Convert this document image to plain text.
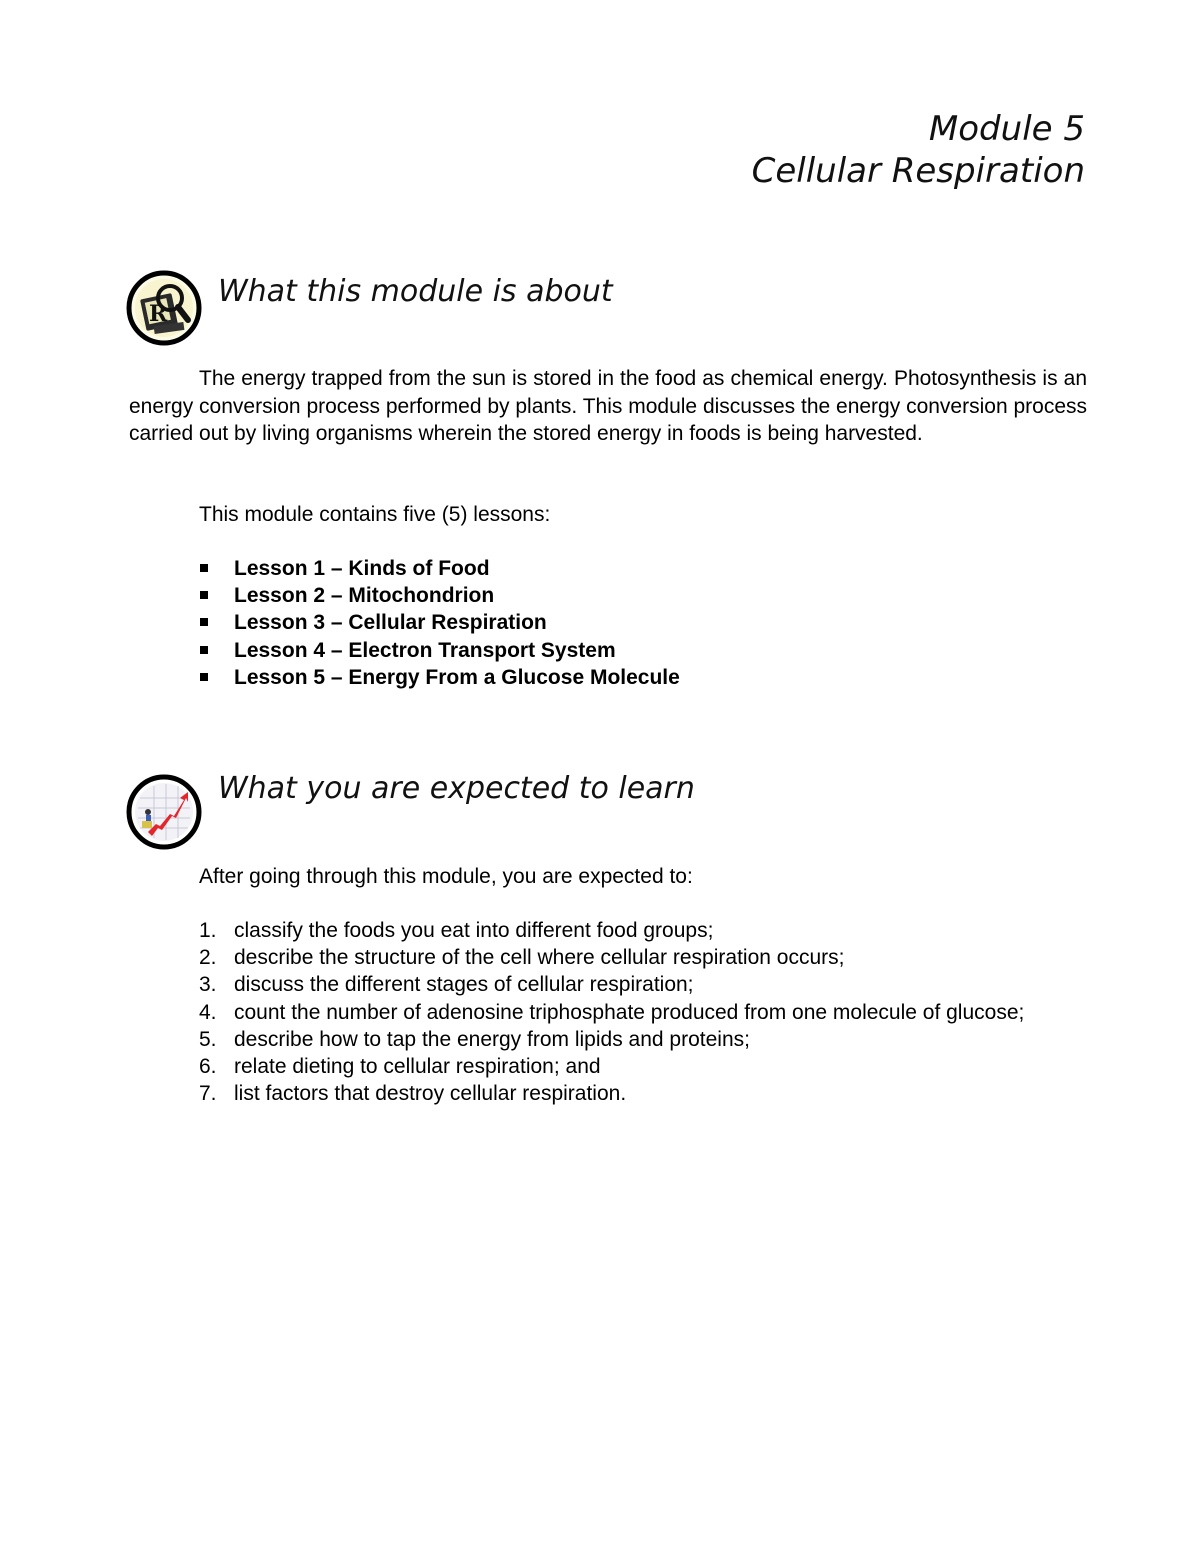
Module 5
Cellular Respiration
R
What this module is about

The energy trapped from the sun is stored in the food as chemical energy. Photosynthesis is an energy conversion process performed by plants. This module discusses the energy conversion process carried out by living organisms wherein the stored energy in foods is being harvested.

This module contains five (5) lessons:

Lesson 1 – Kinds of Food
Lesson 2 – Mitochondrion
Lesson 3 – Cellular Respiration
Lesson 4 – Electron Transport System
Lesson 5 – Energy From a Glucose Molecule
What you are expected to learn

After going through this module, you are expected to:

1. classify the foods you eat into different food groups;
2. describe the structure of the cell where cellular respiration occurs;
3. discuss the different stages of cellular respiration;
4. count the number of adenosine triphosphate produced from one molecule of glucose;
5. describe how to tap the energy from lipids and proteins;
6. relate dieting to cellular respiration; and
7. list factors that destroy cellular respiration.
